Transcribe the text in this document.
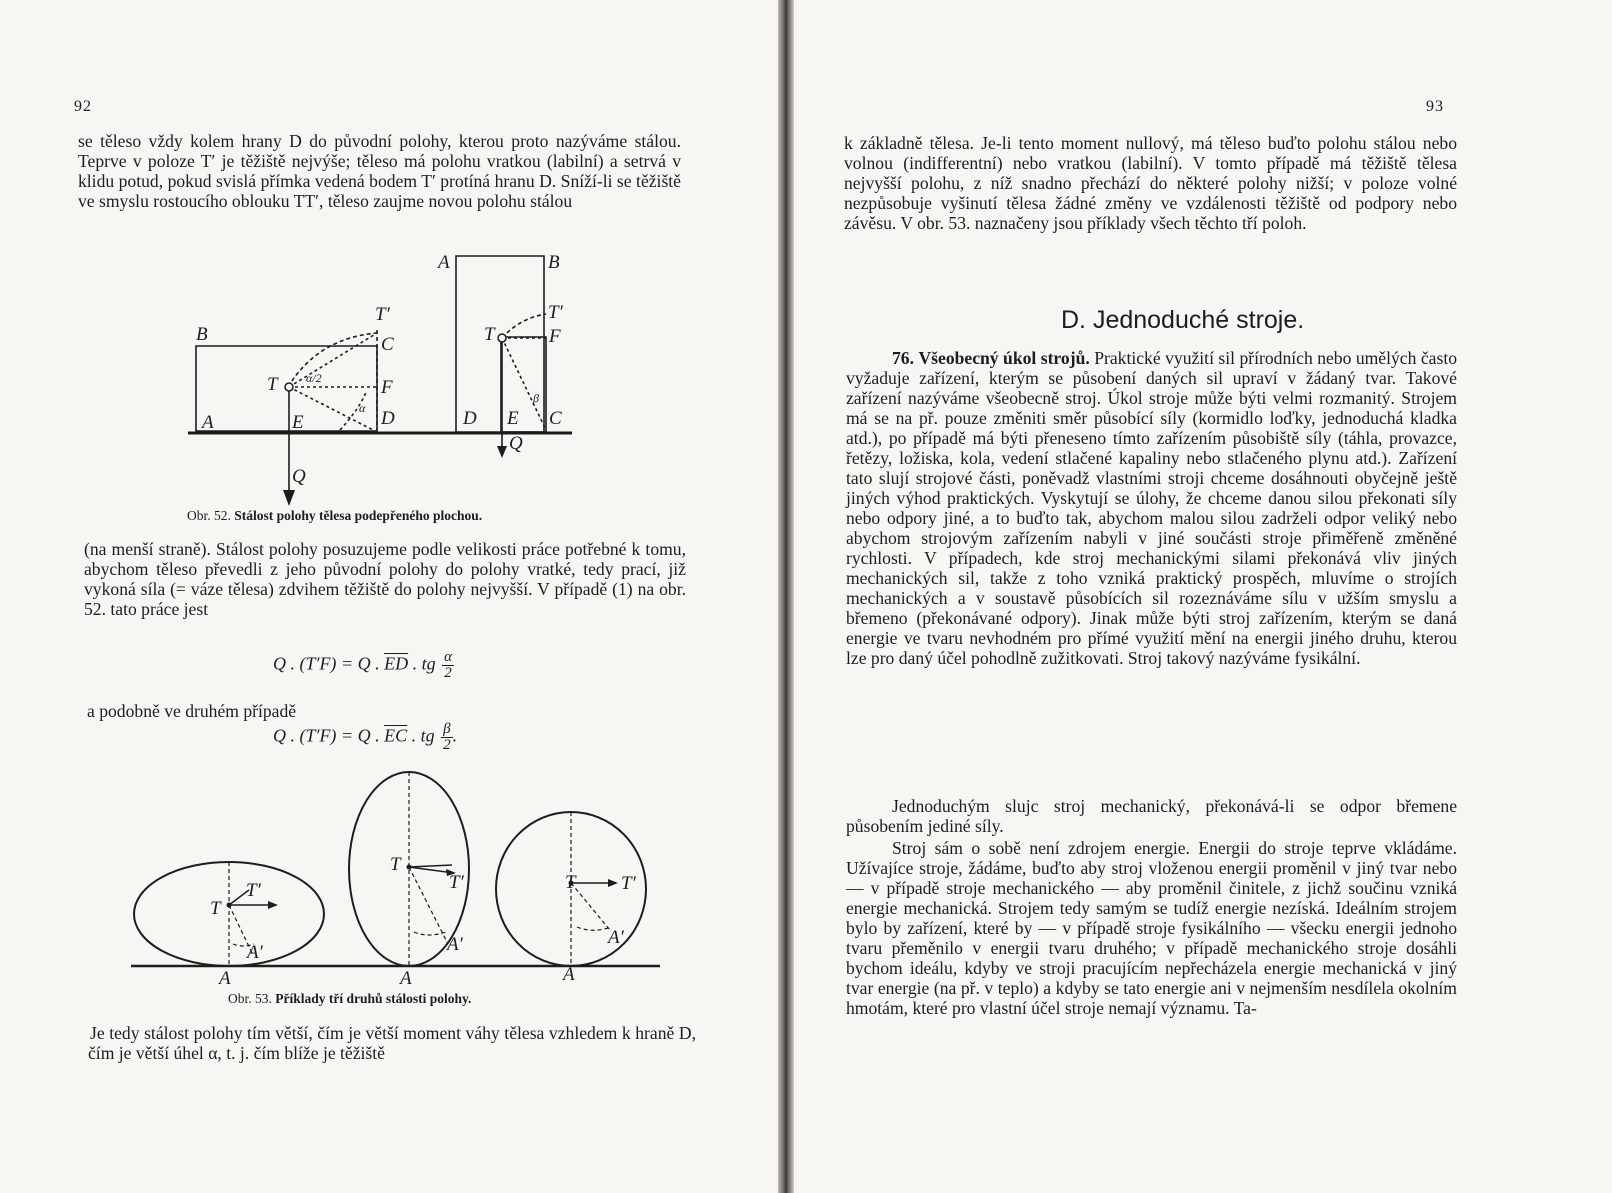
92

se těleso vždy kolem hrany D do původní polohy, kterou proto nazýváme stálou. Teprve v poloze T′ je těžiště nejvýše; těleso má polohu vratkou (labilní) a setrvá v klidu potud, pokud svislá přímka vedená bodem T′ protíná hranu D. Sníží-li se těžiště ve smyslu rostoucího oblouku TT′, těleso zaujme novou polohu stálou

A	B
B
T
T′
C
F
D
A	E
Q
α/2
α	D E C
T
T′
F
β
Q
Obr. 52. Stálost polohy tělesa podepřeného plochou.

(na menší straně). Stálost polohy posuzujeme podle velikosti práce potřebné k tomu, abychom těleso převedli z jeho původní polohy do polohy vratké, tedy prací, již vykoná síla (= váze tělesa) zdvihem těžiště do polohy nejvyšší. V případě (1) na obr. 52. tato práce jest

Q . (T′F) = Q . $\overline{ED}$ . tg $\frac{\alpha}{2}$
a podobně ve druhém případě
Q . (T′F) = Q . $\overline{EC}$ . tg $\frac{\beta}{2}$ .
T
T′
A′
A
T
T′
A′
A
T T′
A′
A
Obr. 53. Příklady tří druhů stálosti polohy.

Je tedy stálost polohy tím větší, čím je větší moment váhy tělesa vzhledem k hraně D, čím je větší úhel α, t. j. čím blíže je těžiště

93

k základně tělesa. Je-li tento moment nullový, má těleso buďto polohu stálou nebo volnou (indifferentní) nebo vratkou (labilní). V tomto případě má těžiště tělesa nejvyšší polohu, z níž snadno přechází do některé polohy nižší; v poloze volné nezpůsobuje vyšinutí tělesa žádné změny ve vzdálenosti těžiště od podpory nebo závěsu. V obr. 53. naznačeny jsou příklady všech těchto tří poloh.

D. Jednoduché stroje.

76. Všeobecný úkol strojů. Praktické využití sil přírodních nebo umělých často vyžaduje zařízení, kterým se působení daných sil upraví v žádaný tvar. Takové zařízení nazýváme všeobecně stroj. Úkol stroje může býti velmi rozmanitý. Strojem má se na př. pouze změniti směr působící síly (kormidlo loďky, jednoduchá kladka atd.), po případě má býti přeneseno tímto zařízením působiště síly (táhla, provazce, řetězy, ložiska, kola, vedení stlačené kapaliny nebo stlačeného plynu atd.). Zařízení tato slují strojové části, poněvadž vlastními stroji chceme dosáhnouti obyčejně ještě jiných výhod praktických. Vyskytují se úlohy, že chceme danou silou překonati síly nebo odpory jiné, a to buďto tak, abychom malou silou zadrželi odpor veliký nebo abychom strojovým zařízením nabyli v jiné součásti stroje přiměřeně změněné rychlosti. V případech, kde stroj mechanickými silami překonává vliv jiných mechanických sil, takže z toho vzniká praktický prospěch, mluvíme o strojích mechanických a v soustavě působících sil rozeznáváme sílu v užším smyslu a břemeno (překonávané odpory). Jinak může býti stroj zařízením, kterým se daná energie ve tvaru nevhodném pro přímé využití mění na energii jiného druhu, kterou lze pro daný účel pohodlně zužitkovati. Stroj takový nazýváme fysikální.

Jednoduchým slujc stroj mechanický, překonává-li se odpor břemene působením jediné síly.

Stroj sám o sobě není zdrojem energie. Energii do stroje teprve vkládáme. Užívajíce stroje, žádáme, buďto aby stroj vloženou energii proměnil v jiný tvar nebo — v případě stroje mechanického — aby proměnil činitele, z jichž součinu vzniká energie mechanická. Strojem tedy samým se tudíž energie nezíská. Ideálním strojem bylo by zařízení, které by — v případě stroje fysikálního — všecku energii jednoho tvaru přeměnilo v energii tvaru druhého; v případě mechanického stroje dosáhli bychom ideálu, kdyby ve stroji pracujícím nepřecházela energie mechanická v jiný tvar energie (na př. v teplo) a kdyby se tato energie ani v nejmenším nesdílela okolním hmotám, které pro vlastní účel stroje nemají významu. Ta-
